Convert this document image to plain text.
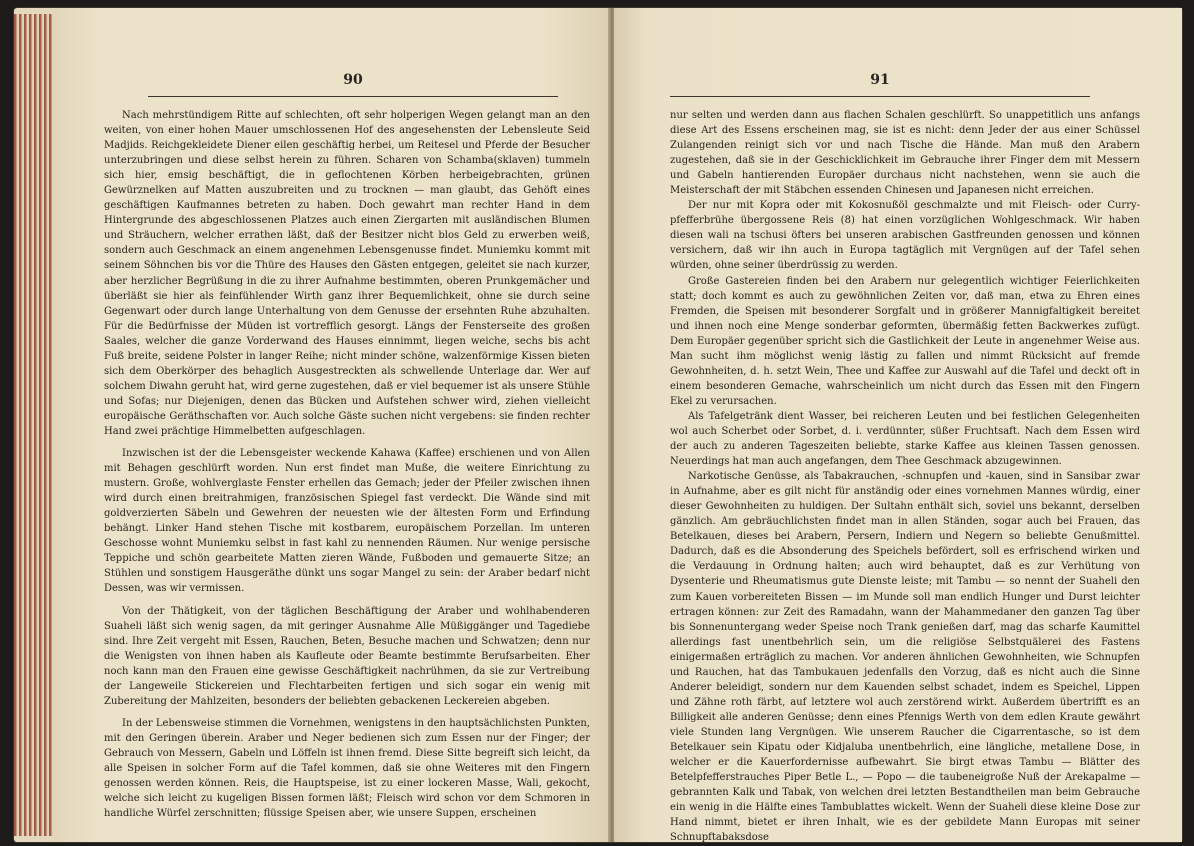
90

Nach mehrstündigem Ritte auf schlechten, oft sehr holperigen Wegen gelangt man an den weiten, von einer hohen Mauer umschlossenen Hof des angesehensten der Lebensleute Seid Madjids. Reichgekleidete Diener eilen geschäftig herbei, um Reitesel und Pferde der Besucher unterzubringen und diese selbst herein zu führen. Scharen von Schamba(sklaven) tummeln sich hier, emsig beschäftigt, die in geflochtenen Körben herbeigebrachten, grünen Gewürznelken auf Matten auszubreiten und zu trocknen — man glaubt, das Gehöft eines geschäftigen Kaufmannes betreten zu haben. Doch gewahrt man rechter Hand in dem Hintergrunde des abgeschlossenen Platzes auch einen Ziergarten mit ausländischen Blumen und Sträuchern, welcher errathen läßt, daß der Besitzer nicht blos Geld zu erwerben weiß, sondern auch Geschmack an einem angenehmen Lebensgenusse findet. Muniemku kommt mit seinem Söhnchen bis vor die Thüre des Hauses den Gästen entgegen, geleitet sie nach kurzer, aber herzlicher Begrüßung in die zu ihrer Aufnahme bestimmten, oberen Prunkgemächer und überläßt sie hier als feinfühlender Wirth ganz ihrer Bequemlichkeit, ohne sie durch seine Gegenwart oder durch lange Unterhaltung von dem Genusse der ersehnten Ruhe abzuhalten. Für die Bedürfnisse der Müden ist vortrefflich gesorgt. Längs der Fensterseite des großen Saales, welcher die ganze Vorderwand des Hauses einnimmt, liegen weiche, sechs bis acht Fuß breite, seidene Polster in langer Reihe; nicht minder schöne, walzenförmige Kissen bieten sich dem Oberkörper des behaglich Ausgestreckten als schwellende Unterlage dar. Wer auf solchem Diwahn geruht hat, wird gerne zugestehen, daß er viel bequemer ist als unsere Stühle und Sofas; nur Diejenigen, denen das Bücken und Aufstehen schwer wird, ziehen vielleicht europäische Geräthschaften vor. Auch solche Gäste suchen nicht vergebens: sie finden rechter Hand zwei prächtige Himmelbetten aufgeschlagen.

Inzwischen ist der die Lebensgeister weckende Kahawa (Kaffee) erschienen und von Allen mit Behagen geschlürft worden. Nun erst findet man Muße, die weitere Einrichtung zu mustern. Große, wohlverglaste Fenster erhellen das Gemach; jeder der Pfeiler zwischen ihnen wird durch einen breitrahmigen, französischen Spiegel fast verdeckt. Die Wände sind mit goldverzierten Säbeln und Gewehren der neuesten wie der ältesten Form und Erfindung behängt. Linker Hand stehen Tische mit kostbarem, europäischem Porzellan. Im unteren Geschosse wohnt Muniemku selbst in fast kahl zu nennenden Räumen. Nur wenige persische Teppiche und schön gearbeitete Matten zieren Wände, Fußboden und gemauerte Sitze; an Stühlen und sonstigem Hausgeräthe dünkt uns sogar Mangel zu sein: der Araber bedarf nicht Dessen, was wir vermissen.

Von der Thätigkeit, von der täglichen Beschäftigung der Araber und wohlhabenderen Suaheli läßt sich wenig sagen, da mit geringer Ausnahme Alle Müßiggänger und Tagediebe sind. Ihre Zeit vergeht mit Essen, Rauchen, Beten, Besuche machen und Schwatzen; denn nur die Wenigsten von ihnen haben als Kaufleute oder Beamte bestimmte Berufsarbeiten. Eher noch kann man den Frauen eine gewisse Geschäftigkeit nachrühmen, da sie zur Vertreibung der Langeweile Stickereien und Flechtarbeiten fertigen und sich sogar ein wenig mit Zubereitung der Mahlzeiten, besonders der beliebten gebackenen Leckereien abgeben.

In der Lebensweise stimmen die Vornehmen, wenigstens in den hauptsächlichsten Punkten, mit den Geringen überein. Araber und Neger bedienen sich zum Essen nur der Finger; der Gebrauch von Messern, Gabeln und Löffeln ist ihnen fremd. Diese Sitte begreift sich leicht, da alle Speisen in solcher Form auf die Tafel kommen, daß sie ohne Weiteres mit den Fingern genossen werden können. Reis, die Hauptspeise, ist zu einer lockeren Masse, Wali, gekocht, welche sich leicht zu kugeligen Bissen formen läßt; Fleisch wird schon vor dem Schmoren in handliche Würfel zerschnitten; flüssige Speisen aber, wie unsere Suppen, erscheinen

91

nur selten und werden dann aus flachen Schalen geschlürft. So unappetitlich uns anfangs diese Art des Essens erscheinen mag, sie ist es nicht: denn Jeder der aus einer Schüssel Zulangenden reinigt sich vor und nach Tische die Hände. Man muß den Arabern zugestehen, daß sie in der Geschicklichkeit im Gebrauche ihrer Finger dem mit Messern und Gabeln hantierenden Europäer durchaus nicht nachstehen, wenn sie auch die Meisterschaft der mit Stäbchen essenden Chinesen und Japanesen nicht erreichen.

Der nur mit Kopra oder mit Kokosnußöl geschmalzte und mit Fleisch- oder Curry-pfefferbrühe übergossene Reis (8) hat einen vorzüglichen Wohlgeschmack. Wir haben diesen wali na tschusi öfters bei unseren arabischen Gastfreunden genossen und können versichern, daß wir ihn auch in Europa tagtäglich mit Vergnügen auf der Tafel sehen würden, ohne seiner überdrüssig zu werden.

Große Gastereien finden bei den Arabern nur gelegentlich wichtiger Feierlichkeiten statt; doch kommt es auch zu gewöhnlichen Zeiten vor, daß man, etwa zu Ehren eines Fremden, die Speisen mit besonderer Sorgfalt und in größerer Mannigfaltigkeit bereitet und ihnen noch eine Menge sonderbar geformten, übermäßig fetten Backwerkes zufügt. Dem Europäer gegenüber spricht sich die Gastlichkeit der Leute in angenehmer Weise aus. Man sucht ihm möglichst wenig lästig zu fallen und nimmt Rücksicht auf fremde Gewohnheiten, d. h. setzt Wein, Thee und Kaffee zur Auswahl auf die Tafel und deckt oft in einem besonderen Gemache, wahrscheinlich um nicht durch das Essen mit den Fingern Ekel zu verursachen.

Als Tafelgetränk dient Wasser, bei reicheren Leuten und bei festlichen Gelegenheiten wol auch Scherbet oder Sorbet, d. i. verdünnter, süßer Fruchtsaft. Nach dem Essen wird der auch zu anderen Tageszeiten beliebte, starke Kaffee aus kleinen Tassen genossen. Neuerdings hat man auch angefangen, dem Thee Geschmack abzugewinnen.

Narkotische Genüsse, als Tabakrauchen, -schnupfen und -kauen, sind in Sansibar zwar in Aufnahme, aber es gilt nicht für anständig oder eines vornehmen Mannes würdig, einer dieser Gewohnheiten zu huldigen. Der Sultahn enthält sich, soviel uns bekannt, derselben gänzlich. Am gebräuchlichsten findet man in allen Ständen, sogar auch bei Frauen, das Betelkauen, dieses bei Arabern, Persern, Indiern und Negern so beliebte Genußmittel. Dadurch, daß es die Absonderung des Speichels befördert, soll es erfrischend wirken und die Verdauung in Ordnung halten; auch wird behauptet, daß es zur Verhütung von Dysenterie und Rheumatismus gute Dienste leiste; mit Tambu — so nennt der Suaheli den zum Kauen vorbereiteten Bissen — im Munde soll man endlich Hunger und Durst leichter ertragen können: zur Zeit des Ramadahn, wann der Mahammedaner den ganzen Tag über bis Sonnenuntergang weder Speise noch Trank genießen darf, mag das scharfe Kaumittel allerdings fast unentbehrlich sein, um die religiöse Selbstquälerei des Fastens einigermaßen erträglich zu machen. Vor anderen ähnlichen Gewohnheiten, wie Schnupfen und Rauchen, hat das Tambukauen jedenfalls den Vorzug, daß es nicht auch die Sinne Anderer beleidigt, sondern nur dem Kauenden selbst schadet, indem es Speichel, Lippen und Zähne roth färbt, auf letztere wol auch zerstörend wirkt. Außerdem übertrifft es an Billigkeit alle anderen Genüsse; denn eines Pfennigs Werth von dem edlen Kraute gewährt viele Stunden lang Vergnügen. Wie unserem Raucher die Cigarrentasche, so ist dem Betelkauer sein Kipatu oder Kidjaluba unentbehrlich, eine längliche, metallene Dose, in welcher er die Kauerfordernisse aufbewahrt. Sie birgt etwas Tambu — Blätter des Betelpfefferstrauches Piper Betle L., — Popo — die taubeneigroße Nuß der Arekapalme — gebrannten Kalk und Tabak, von welchen drei letzten Bestandtheilen man beim Gebrauche ein wenig in die Hälfte eines Tambublattes wickelt. Wenn der Suaheli diese kleine Dose zur Hand nimmt, bietet er ihren Inhalt, wie es der gebildete Mann Europas mit seiner Schnupftabaksdose
